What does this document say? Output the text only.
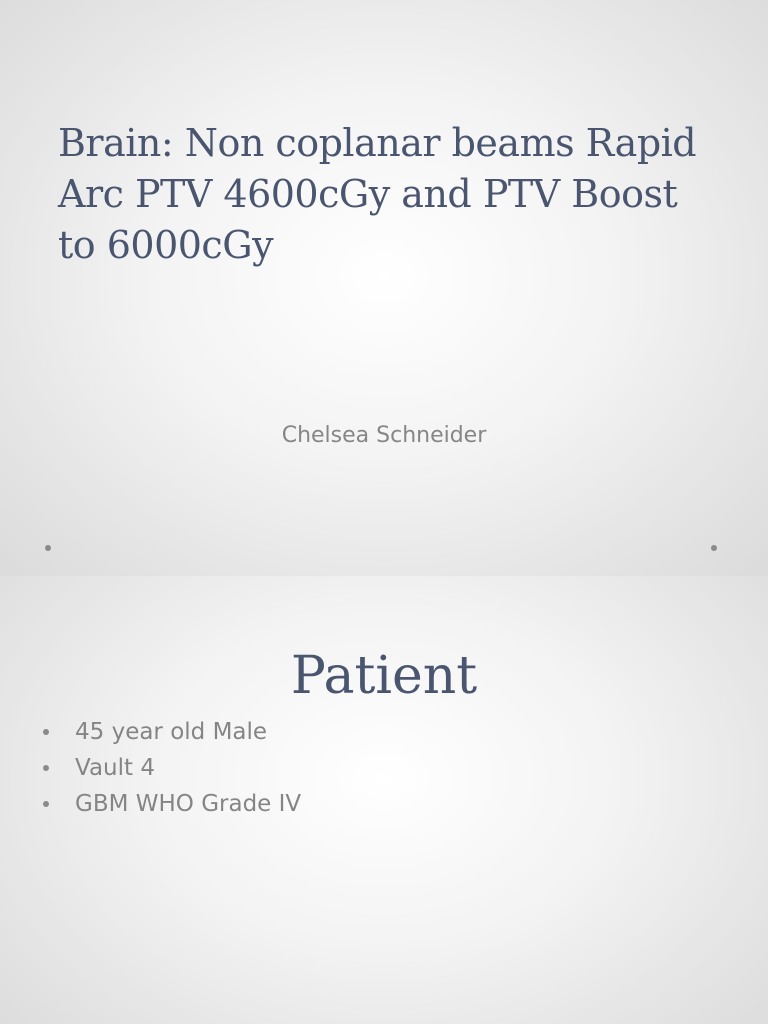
Brain: Non coplanar beams Rapid Arc PTV 4600cGy and PTV Boost to 6000cGy

Chelsea Schneider

Patient
45 year old Male
Vault 4
GBM WHO Grade IV
